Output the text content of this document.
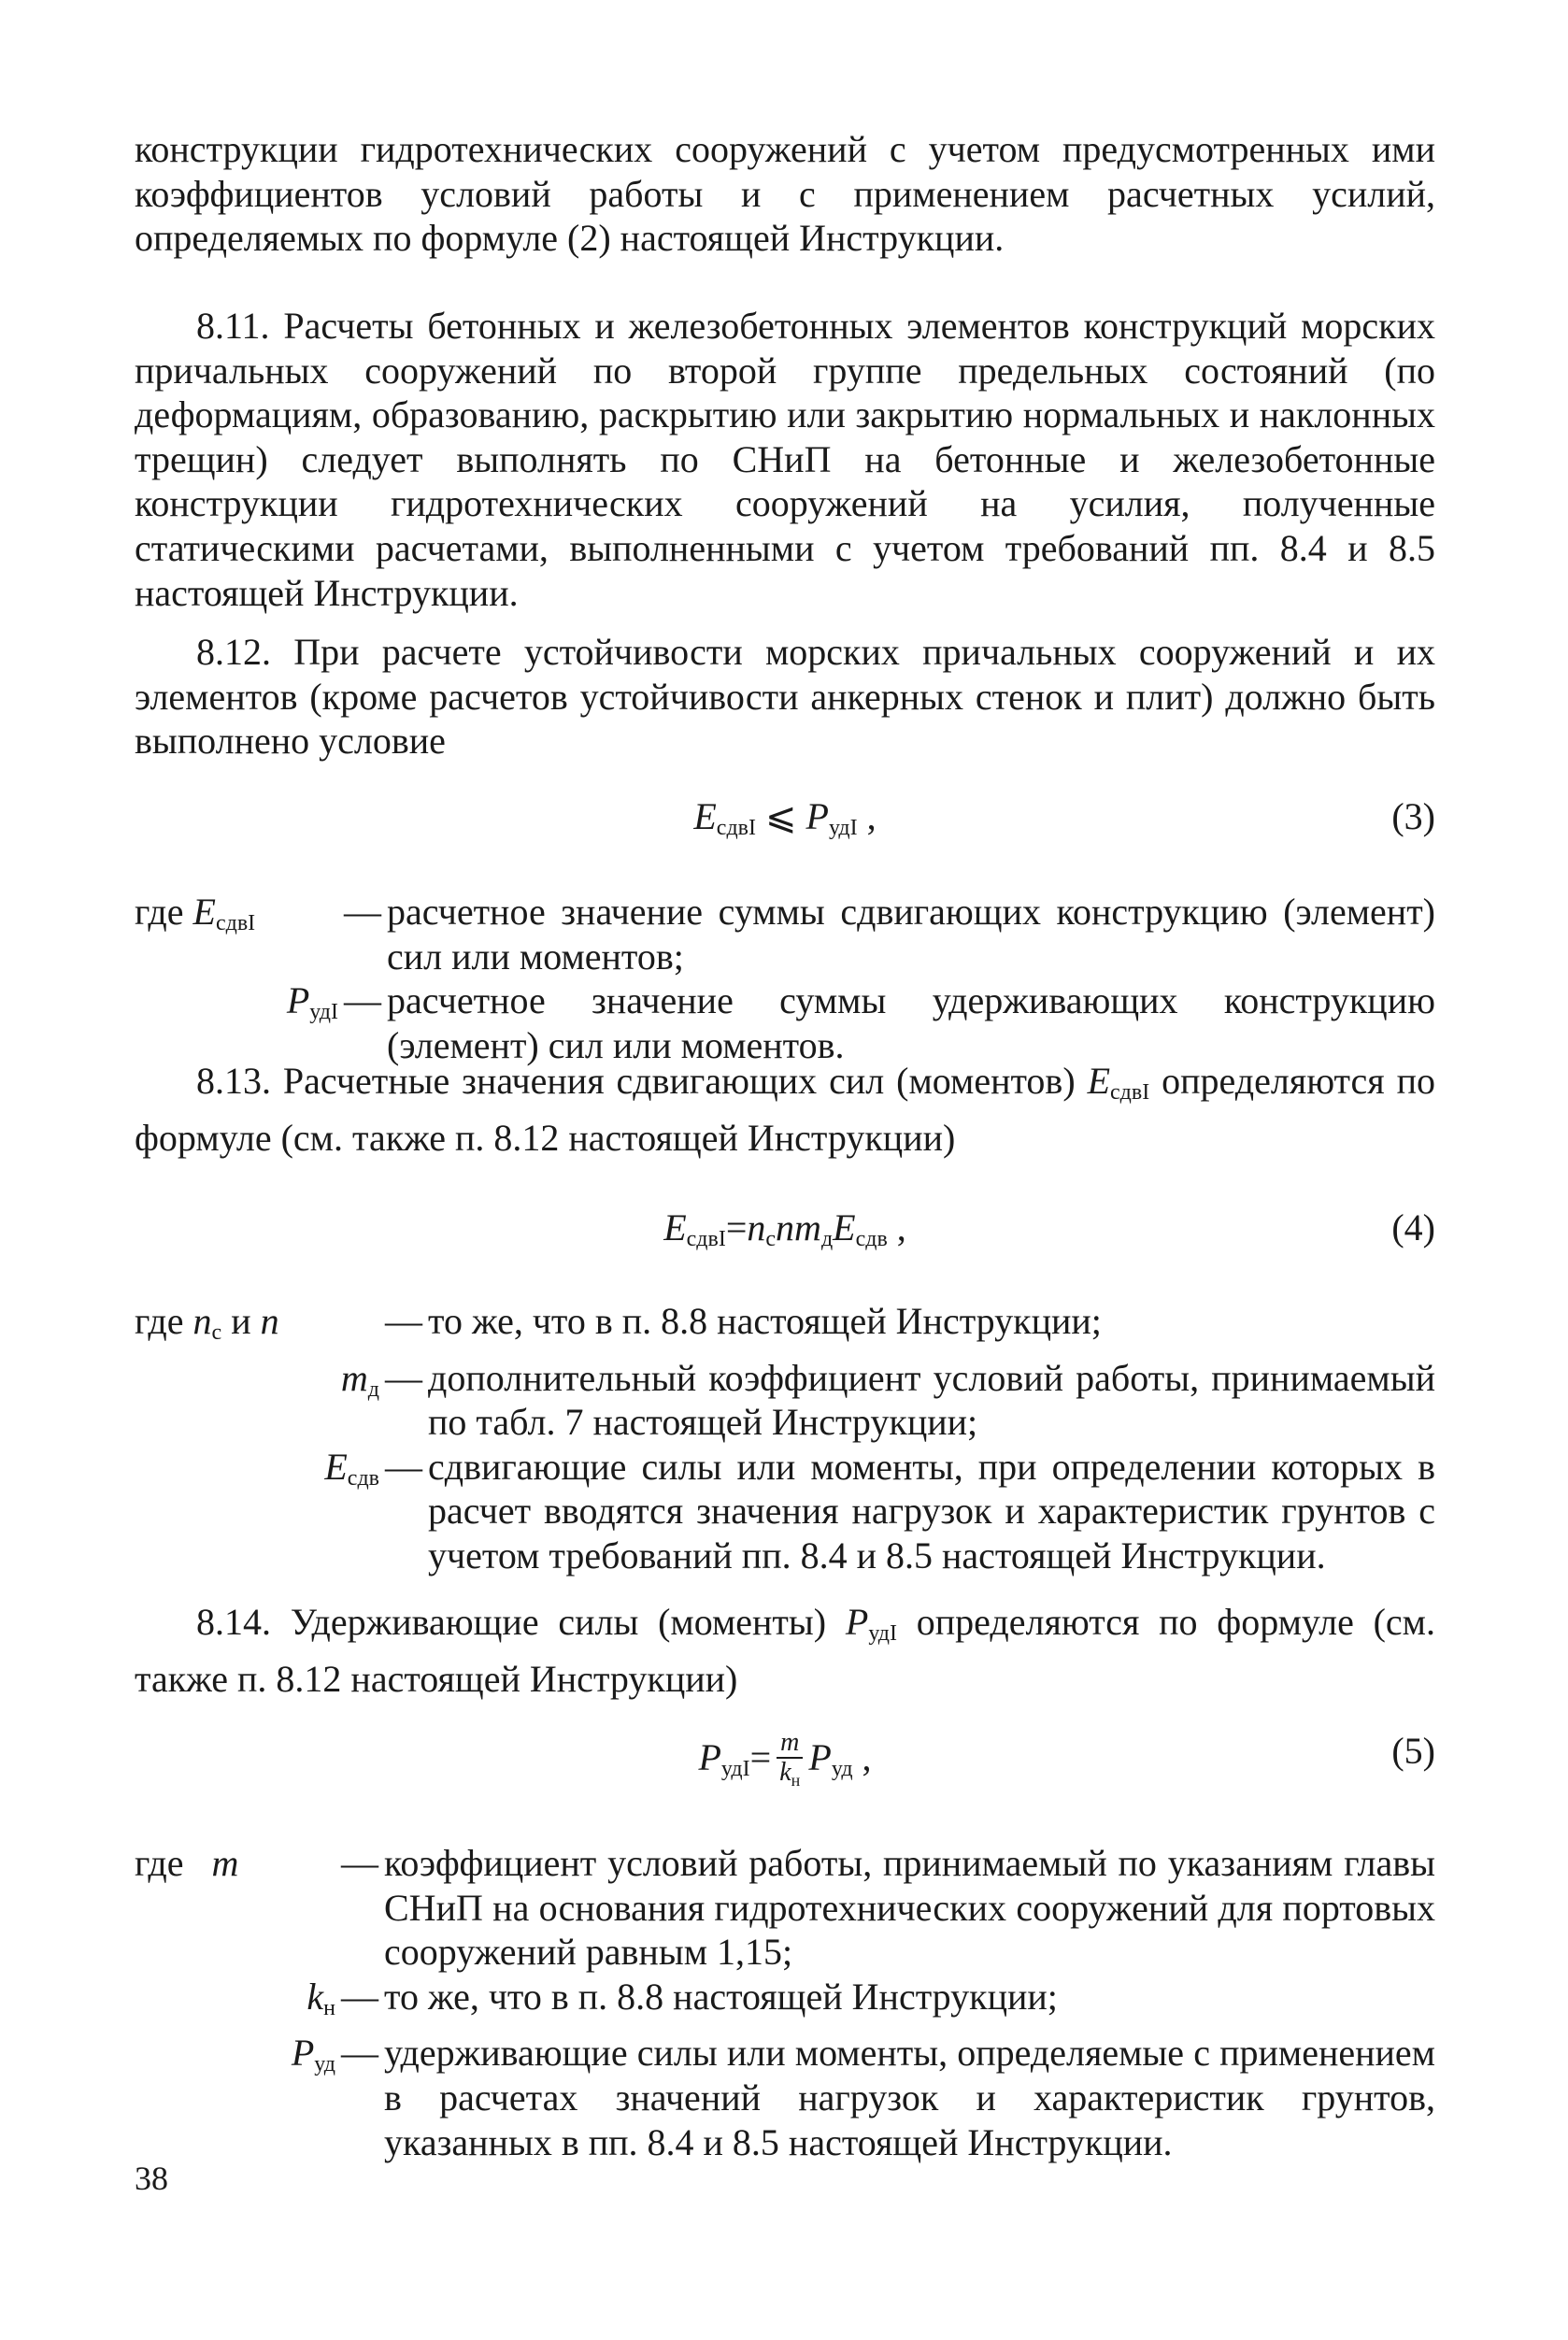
конструкции гидротехнических сооружений с учетом предусмотренных ими коэффициентов условий работы и с применением расчетных усилий, определяемых по формуле (2) настоящей Инструкции.

8.11. Расчеты бетонных и железобетонных элементов конструкций морских причальных сооружений по второй группе предельных состояний (по деформациям, образованию, раскрытию или закрытию нормальных и наклонных трещин) следует выполнять по СНиП на бетонные и железобетонные конструкции гидротехнических сооружений на усилия, полученные статическими расчетами, выполненными с учетом требований пп. 8.4 и 8.5 настоящей Инструкции.

8.12. При расчете устойчивости морских причальных сооружений и их элементов (кроме расчетов устойчивости анкерных стенок и плит) должно быть выполнено условие

$E_{сдвI}$ ⩽ $P_{удI}$ ,	(3)
где $E_{сдвI}$	— расчетное значение суммы сдвигающих конструкцию (элемент) сил или моментов;
$P_{удI}$ — расчетное значение суммы удерживающих конструкцию (элемент) сил или моментов.

8.13. Расчетные значения сдвигающих сил (моментов) $E_{сдвI}$ определяются по формуле (см. также п. 8.12 настоящей Инструкции)

$E_{сдвI}=n_сnm_дE_{сдв}$ ,	(4)
где $n_с$ и n	— то же, что в п. 8.8 настоящей Инструкции;
$m_д$ — дополнительный коэффициент условий работы, принимаемый по табл. 7 настоящей Инструкции;
$E_{сдв}$ — сдвигающие силы или моменты, при определении которых в расчет вводятся значения нагрузок и характеристик грунтов с учетом требований пп. 8.4 и 8.5 настоящей Инструкции.

8.14. Удерживающие силы (моменты) $P_{удI}$ определяются по формуле (см. также п. 8.12 настоящей Инструкции)

$P_{удI}= \frac{m}{k_н} P_{уд}$ ,	(5)
где m	— коэффициент условий работы, принимаемый по указаниям главы СНиП на основания гидротехнических сооружений для портовых сооружений равным 1,15;
$k_н$ — то же, что в п. 8.8 настоящей Инструкции;
$P_{уд}$ — удерживающие силы или моменты, определяемые с применением в расчетах значений нагрузок и характеристик грунтов, указанных в пп. 8.4 и 8.5 настоящей Инструкции.
38
